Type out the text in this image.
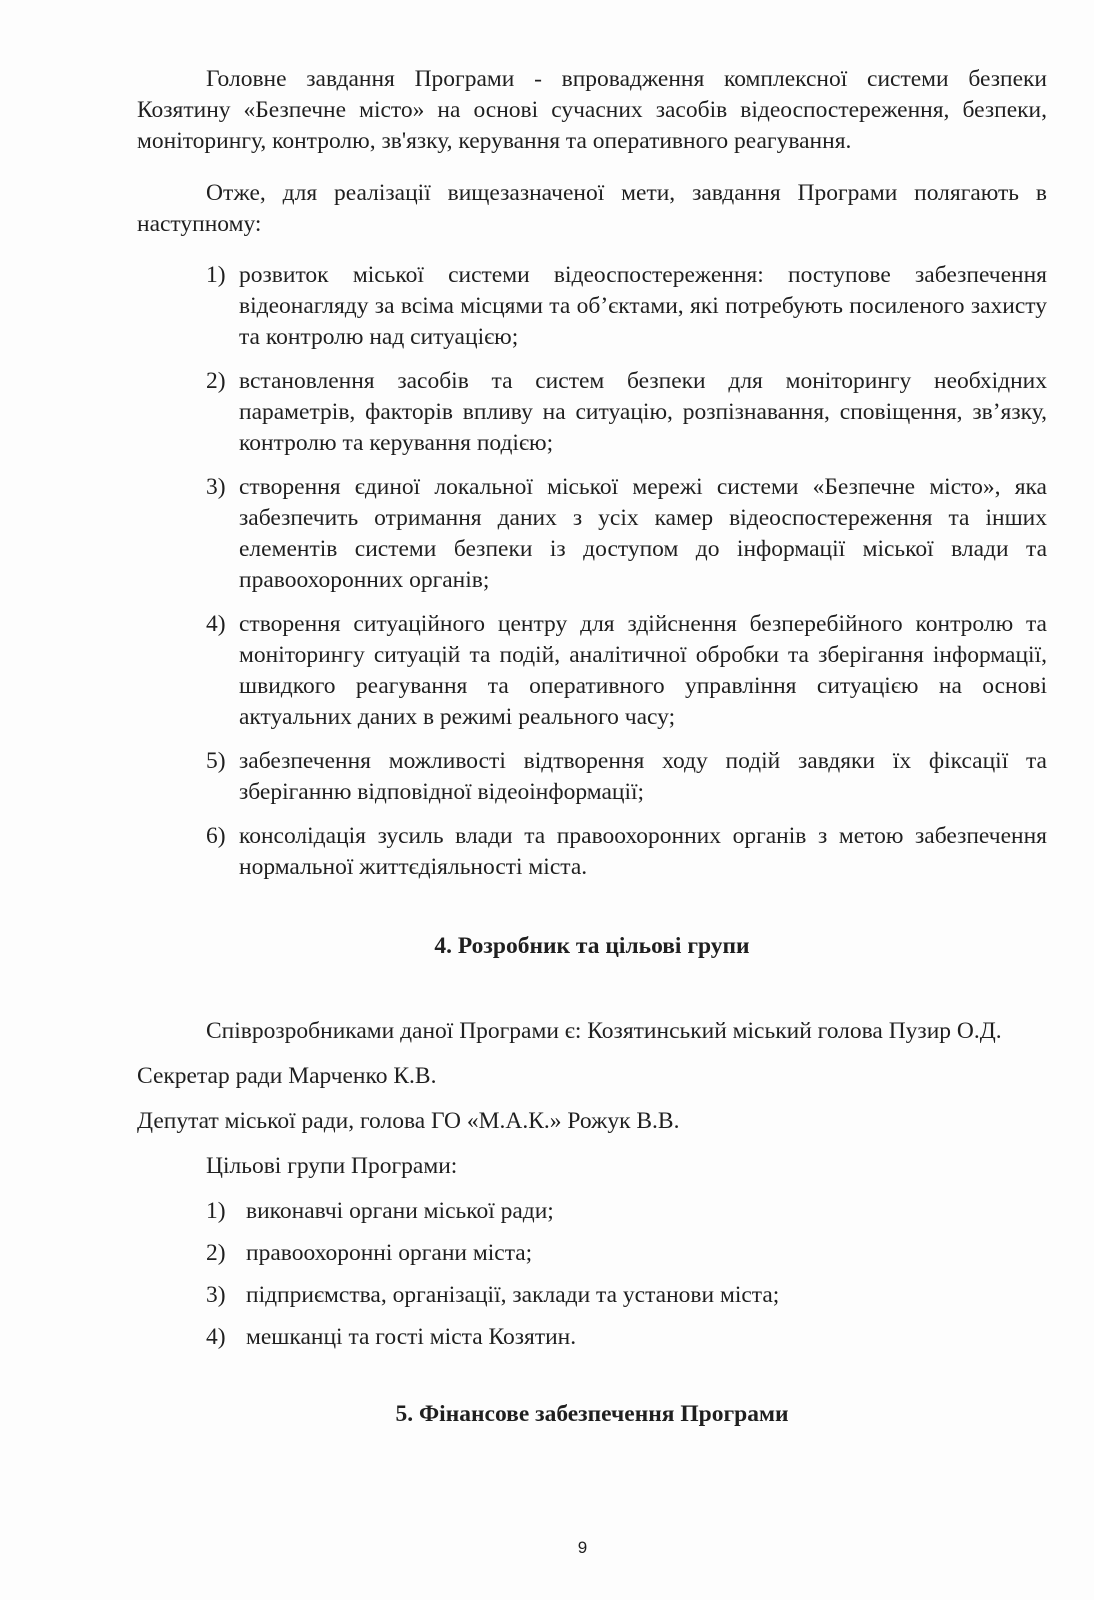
Головне завдання Програми - впровадження комплексної системи безпеки Козятину «Безпечне місто» на основі сучасних засобів відеоспостереження, безпеки, моніторингу, контролю, зв'язку, керування та оперативного реагування.

Отже, для реалізації вищезазначеної мети, завдання Програми полягають в наступному:

1) розвиток міської системи відеоспостереження: поступове забезпечення відеонагляду за всіма місцями та об’єктами, які потребують посиленого захисту та контролю над ситуацією;
2) встановлення засобів та систем безпеки для моніторингу необхідних параметрів, факторів впливу на ситуацію, розпізнавання, сповіщення, зв’язку, контролю та керування подією;
3) створення єдиної локальної міської мережі системи «Безпечне місто», яка забезпечить отримання даних з усіх камер відеоспостереження та інших елементів системи безпеки із доступом до інформації міської влади та правоохоронних органів;
4) створення ситуаційного центру для здійснення безперебійного контролю та моніторингу ситуацій та подій, аналітичної обробки та зберігання інформації, швидкого реагування та оперативного управління ситуацією на основі актуальних даних в режимі реального часу;
5) забезпечення можливості відтворення ходу подій завдяки їх фіксації та зберіганню відповідної відеоінформації;
6) консолідація зусиль влади та правоохоронних органів з метою забезпечення нормальної життєдіяльності міста.
4. Розробник та цільові групи

Співрозробниками даної Програми є: Козятинський міський голова Пузир О.Д.

Секретар ради Марченко К.В.

Депутат міської ради, голова ГО «М.А.К.» Рожук В.В.

Цільові групи Програми:

1) виконавчі органи міської ради;
2) правоохоронні органи міста;
3) підприємства, організації, заклади та установи міста;
4) мешканці та гості міста Козятин.
5. Фінансове забезпечення Програми
9
